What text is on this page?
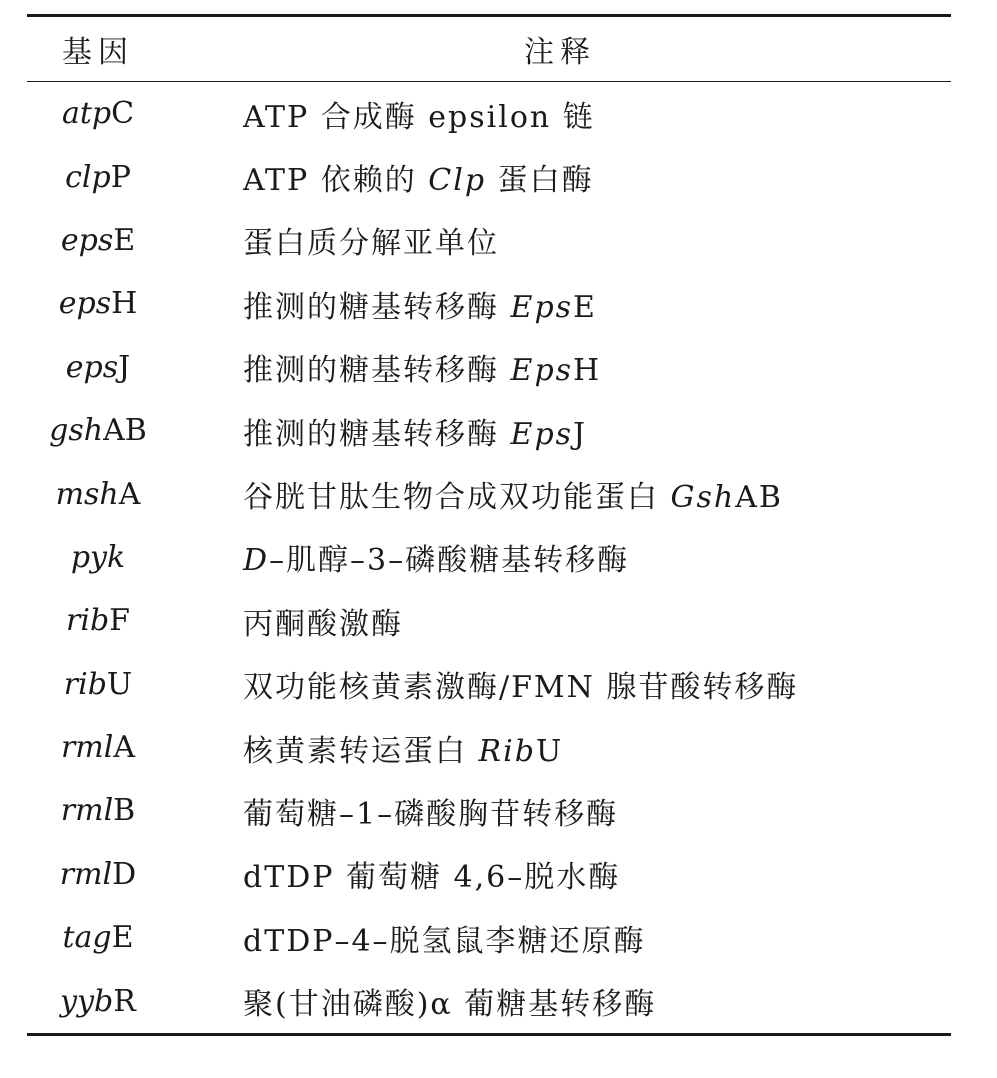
基因	注释
atpC	ATP 合成酶 epsilon 链
clpP	ATP 依赖的 Clp 蛋白酶
epsE	蛋白质分解亚单位
epsH	推测的糖基转移酶 EpsE
epsJ	推测的糖基转移酶 EpsH
gshAB	推测的糖基转移酶 EpsJ
mshA	谷胱甘肽生物合成双功能蛋白 GshAB
pyk	D–肌醇–3–磷酸糖基转移酶
ribF	丙酮酸激酶
ribU	双功能核黄素激酶/FMN 腺苷酸转移酶
rmlA	核黄素转运蛋白 RibU
rmlB	葡萄糖–1–磷酸胸苷转移酶
rmlD	dTDP 葡萄糖 4,6–脱水酶
tagE	dTDP–4–脱氢鼠李糖还原酶
yybR	聚(甘油磷酸)α 葡糖基转移酶
